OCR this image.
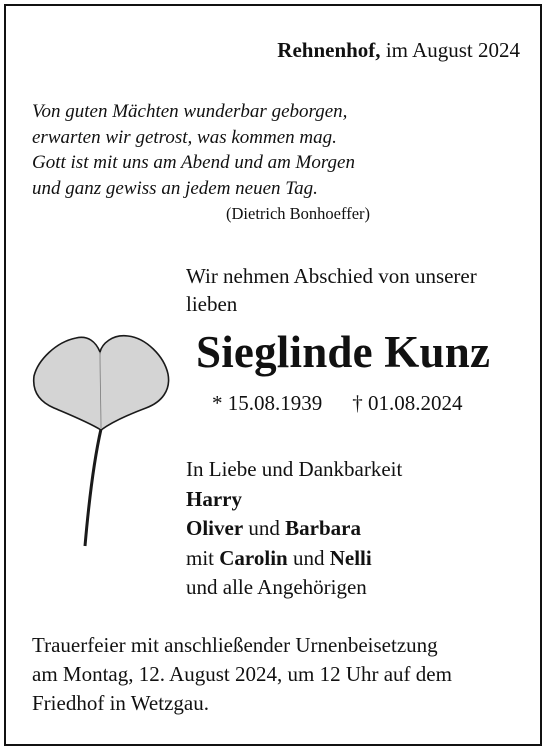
Rehnenhof, im August 2024
Von guten Mächten wunderbar geborgen,
erwarten wir getrost, was kommen mag.
Gott ist mit uns am Abend und am Morgen
und ganz gewiss an jedem neuen Tag.
(Dietrich Bonhoeffer)
Wir nehmen Abschied von unserer
lieben
Sieglinde Kunz
* 15.08.1939 † 01.08.2024
In Liebe und Dankbarkeit
Harry
Oliver und Barbara
mit Carolin und Nelli
und alle Angehörigen
Trauerfeier mit anschließender Urnenbeisetzung
am Montag, 12. August 2024, um 12 Uhr auf dem
Friedhof in Wetzgau.
